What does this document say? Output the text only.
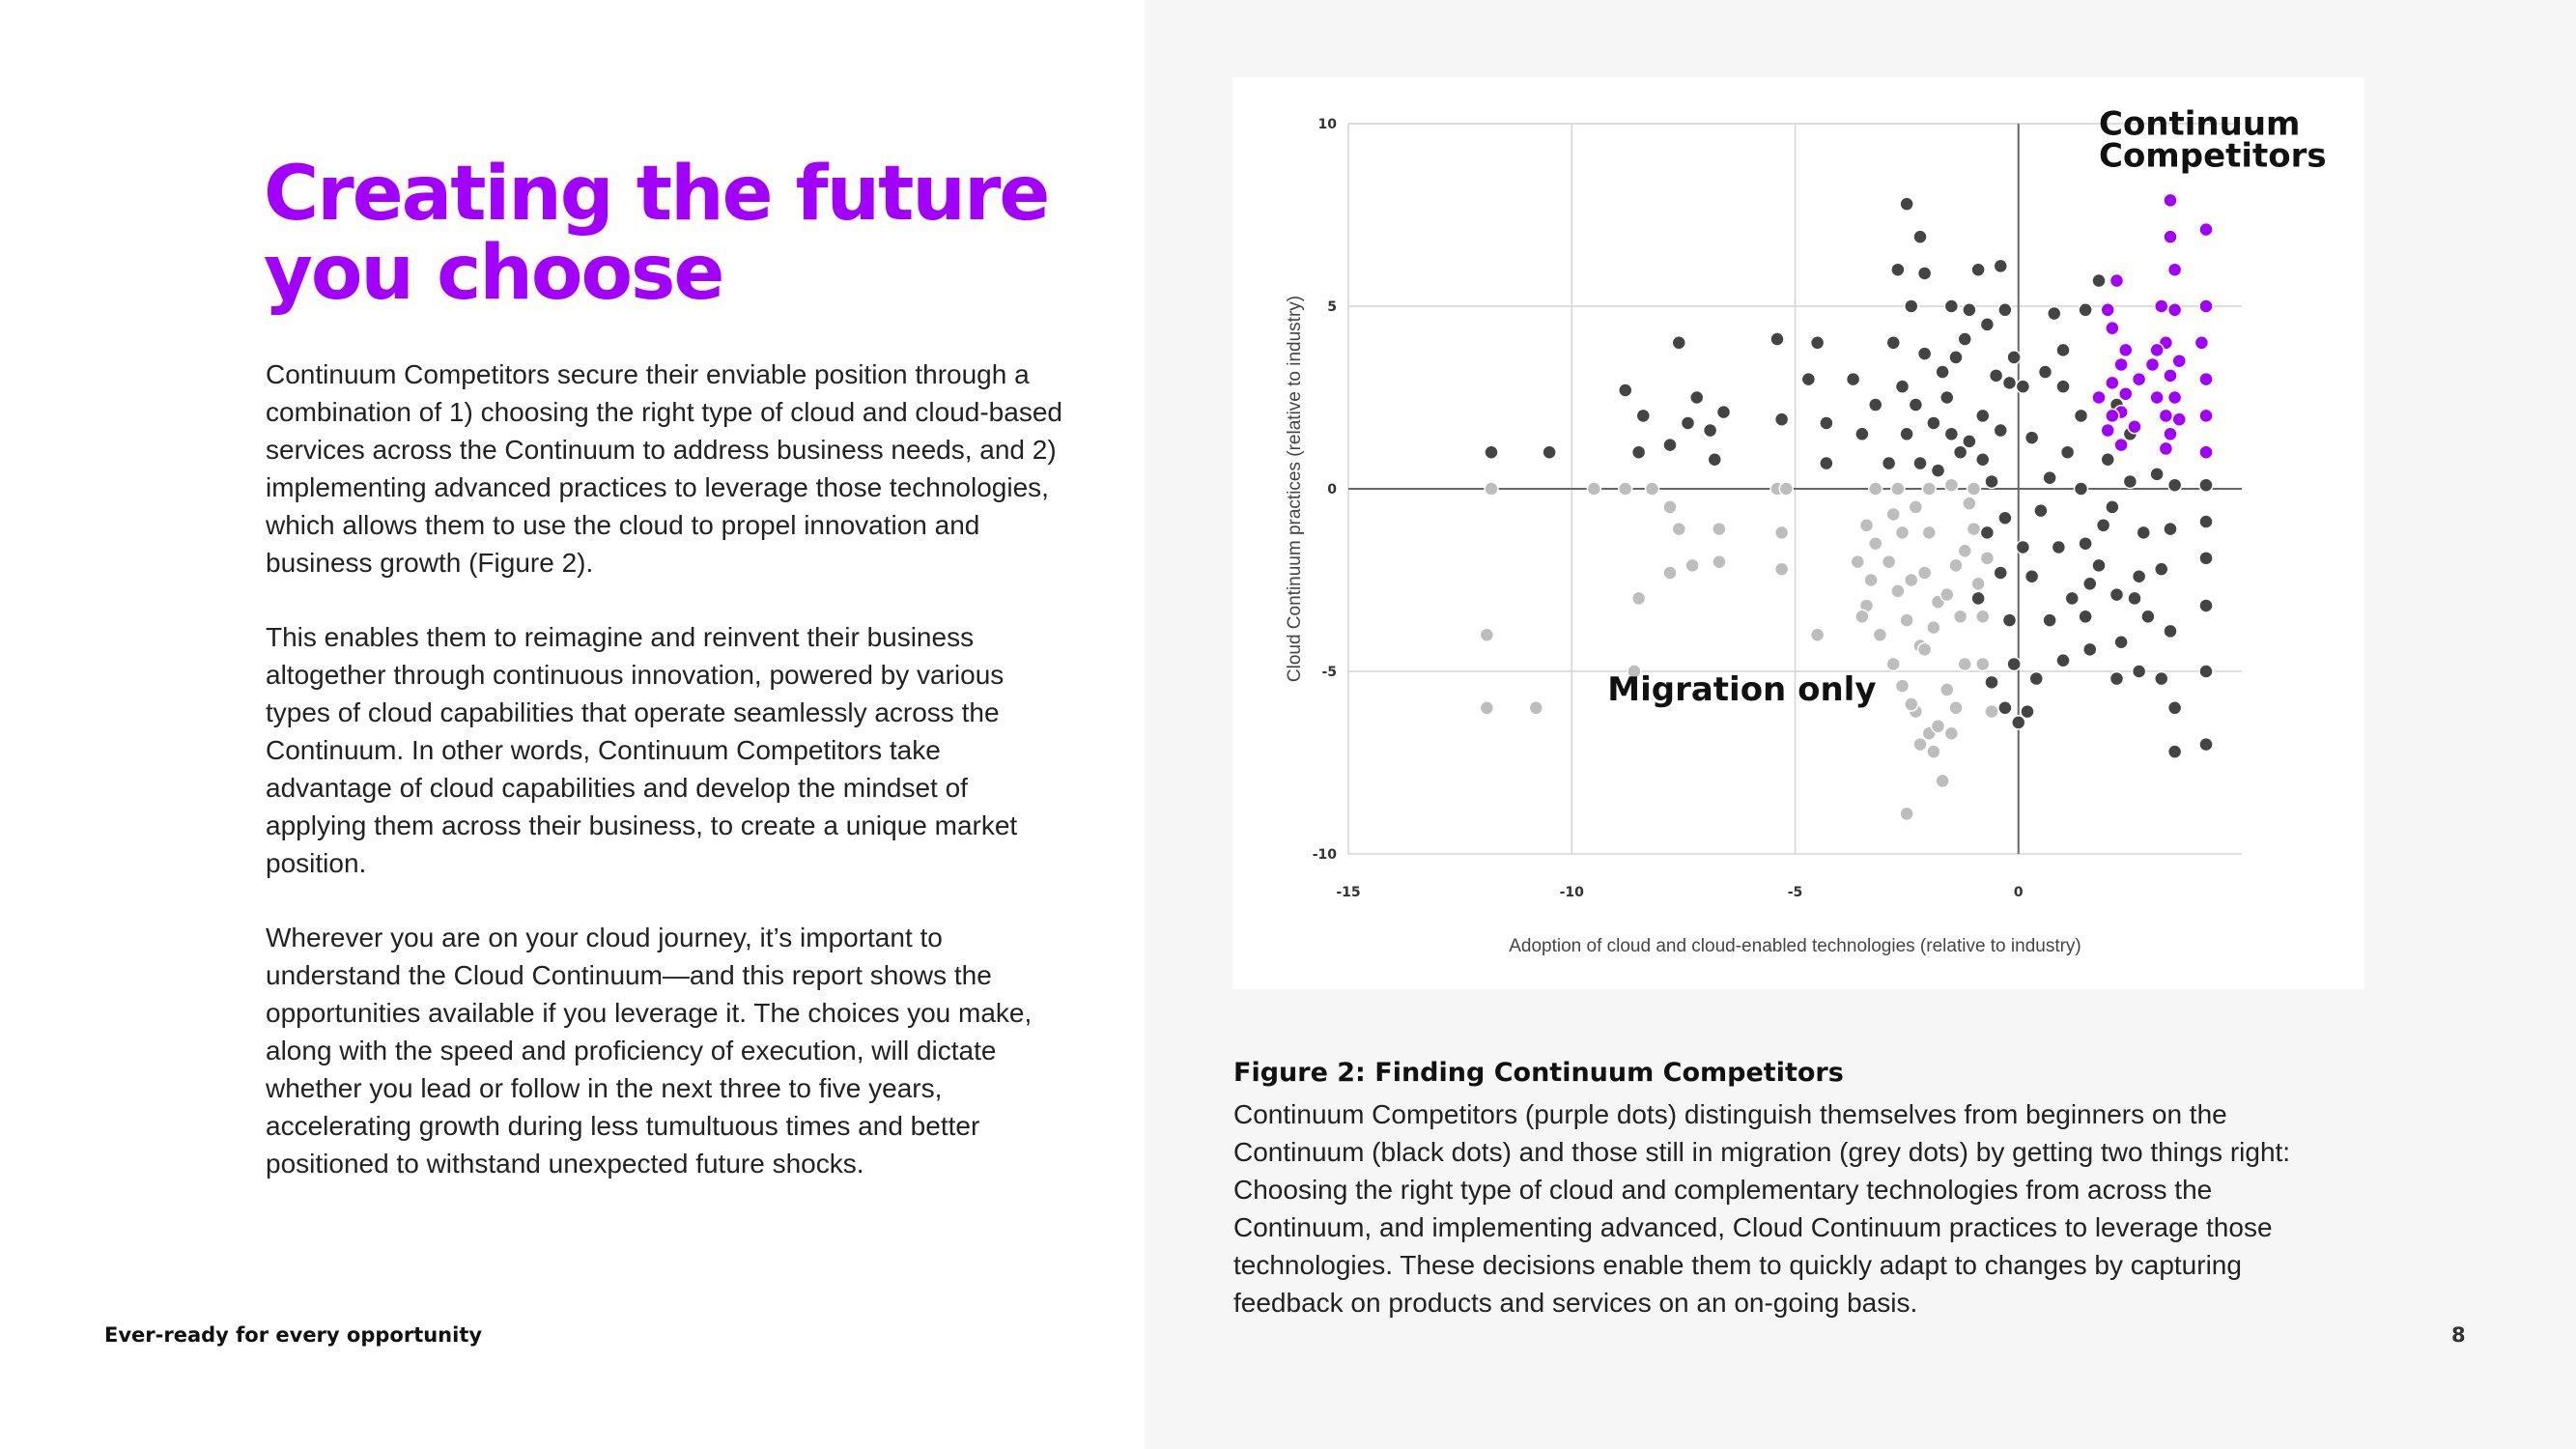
Creating the future you choose

Continuum Competitors secure their enviable position through a combination of 1) choosing the right type of cloud and cloud-based services across the Continuum to address business needs, and 2) implementing advanced practices to leverage those technologies, which allows them to use the cloud to propel innovation and business growth (Figure 2).

This enables them to reimagine and reinvent their business altogether through continuous innovation, powered by various types of cloud capabilities that operate seamlessly across the Continuum. In other words, Continuum Competitors take advantage of cloud capabilities and develop the mindset of applying them across their business, to create a unique market position.

Wherever you are on your cloud journey, it’s important to understand the Cloud Continuum—and this report shows the opportunities available if you leverage it. The choices you make, along with the speed and proficiency of execution, will dictate whether you lead or follow in the next three to five years, accelerating growth during less tumultuous times and better positioned to withstand unexpected future shocks.

Ever-ready for every opportunity	8
10
5
0
-5
-10
-15	-10	-5	0
Adoption of cloud and cloud-enabled technologies (relative to industry)
Cloud Continuum practices (relative to industry)
Continuum
Competitors
Migration only

Figure 2: Finding Continuum Competitors

Continuum Competitors (purple dots) distinguish themselves from beginners on the Continuum (black dots) and those still in migration (grey dots) by getting two things right: Choosing the right type of cloud and complementary technologies from across the Continuum, and implementing advanced, Cloud Continuum practices to leverage those technologies. These decisions enable them to quickly adapt to changes by capturing feedback on products and services on an on-going basis.
